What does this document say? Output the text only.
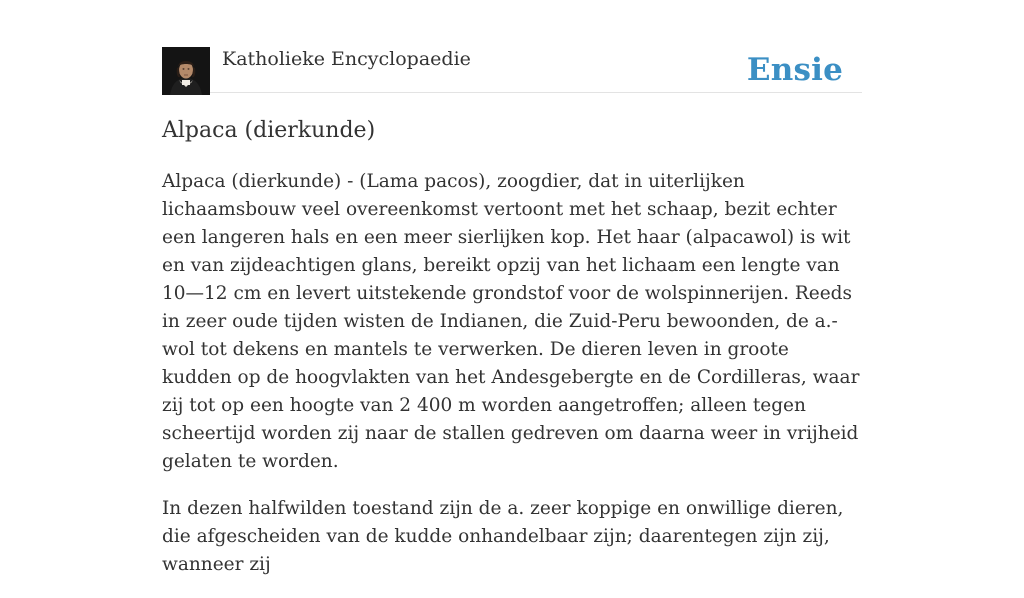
Katholieke Encyclopaedie	Ensie
Alpaca (dierkunde)

Alpaca (dierkunde) - (Lama pacos), zoogdier, dat in uiterlijken lichaamsbouw veel overeenkomst vertoont met het schaap, bezit echter een langeren hals en een meer sierlijken kop. Het haar (alpacawol) is wit en van zijdeachtigen glans, bereikt opzij van het lichaam een lengte van 10—12 cm en levert uitstekende grondstof voor de wolspinnerijen. Reeds in zeer oude tijden wisten de Indianen, die Zuid-Peru bewoonden, de a.-wol tot dekens en mantels te verwerken. De dieren leven in groote kudden op de hoogvlakten van het Andesgebergte en de Cordilleras, waar zij tot op een hoogte van 2 400 m worden aangetroffen; alleen tegen scheertijd worden zij naar de stallen gedreven om daarna weer in vrijheid gelaten te worden.

In dezen halfwilden toestand zijn de a. zeer koppige en onwillige dieren, die afgescheiden van de kudde onhandelbaar zijn; daarentegen zijn zij, wanneer zij
